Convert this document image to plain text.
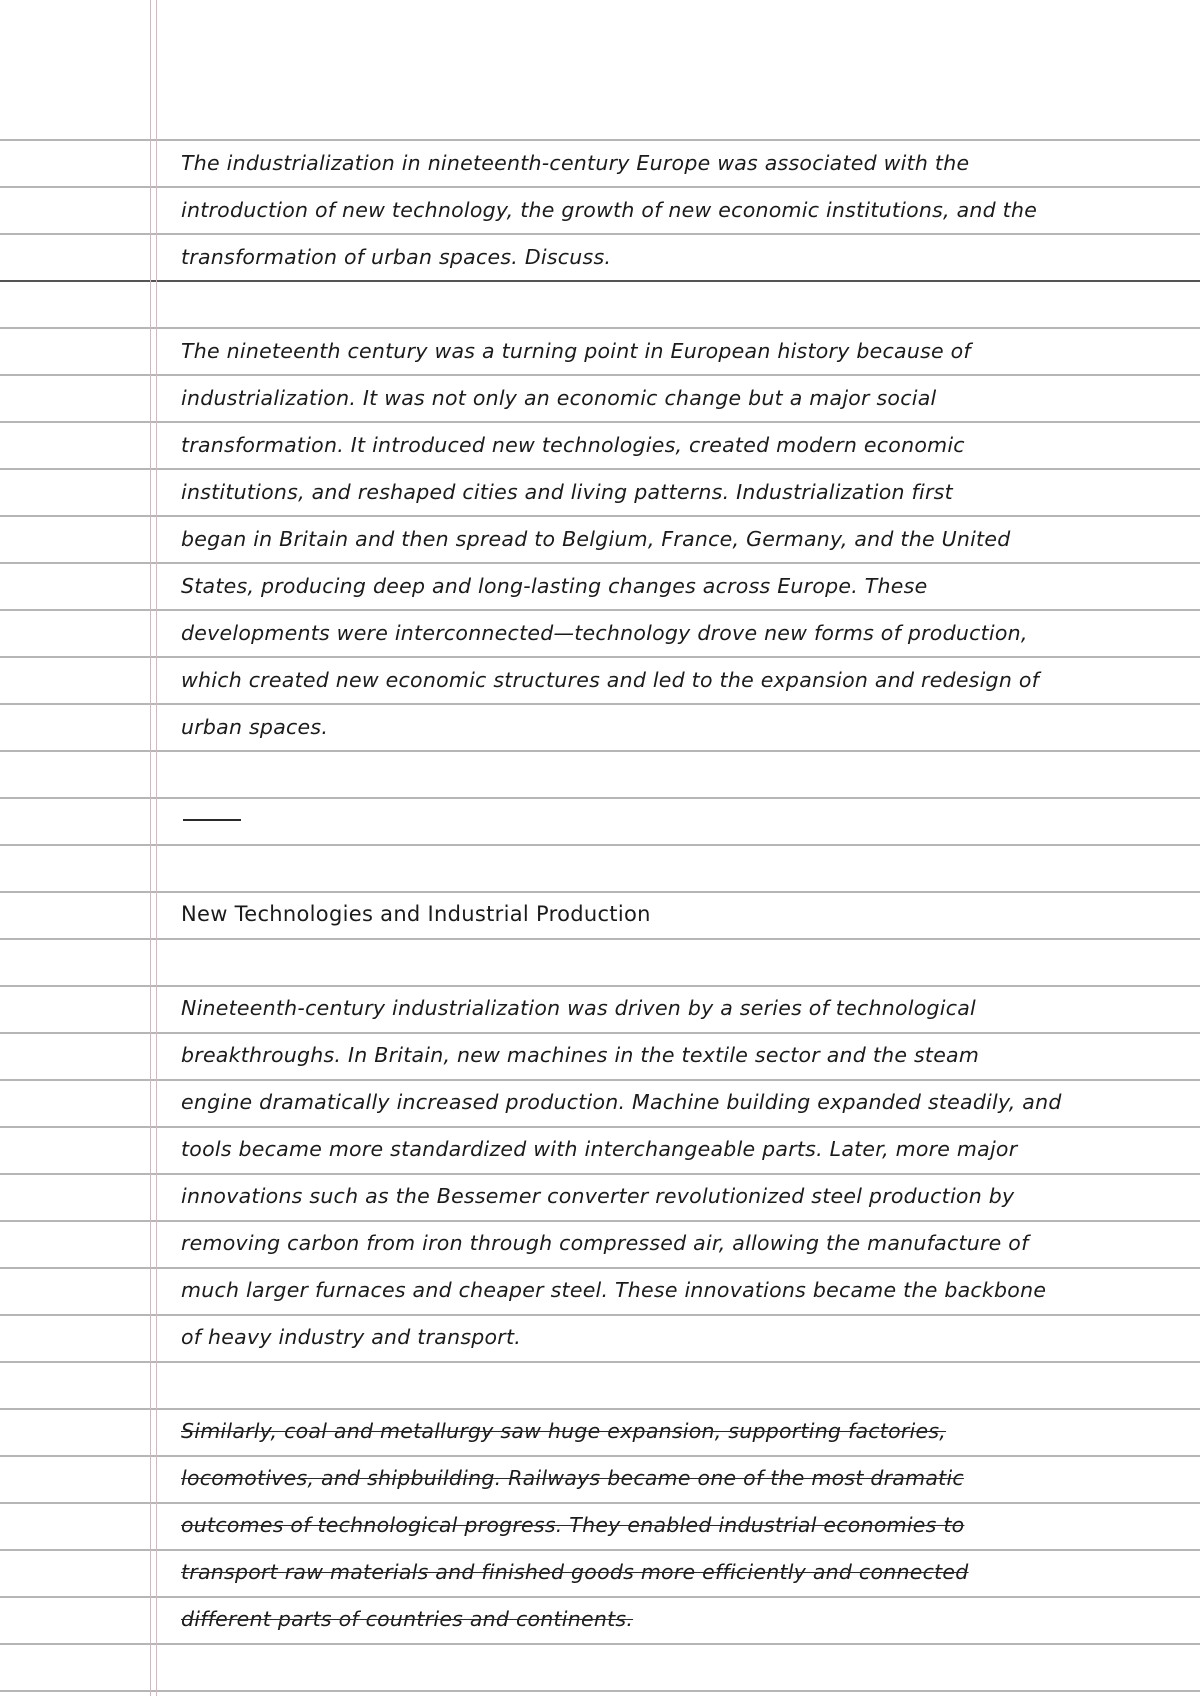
The industrialization in nineteenth-century Europe was associated with the
introduction of new technology, the growth of new economic institutions, and the
transformation of urban spaces. Discuss.
The nineteenth century was a turning point in European history because of
industrialization. It was not only an economic change but a major social
transformation. It introduced new technologies, created modern economic
institutions, and reshaped cities and living patterns. Industrialization first
began in Britain and then spread to Belgium, France, Germany, and the United
States, producing deep and long-lasting changes across Europe. These
developments were interconnected—technology drove new forms of production,
which created new economic structures and led to the expansion and redesign of
urban spaces.
New Technologies and Industrial Production
Nineteenth-century industrialization was driven by a series of technological
breakthroughs. In Britain, new machines in the textile sector and the steam
engine dramatically increased production. Machine building expanded steadily, and
tools became more standardized with interchangeable parts. Later, more major
innovations such as the Bessemer converter revolutionized steel production by
removing carbon from iron through compressed air, allowing the manufacture of
much larger furnaces and cheaper steel. These innovations became the backbone
of heavy industry and transport.
Similarly, coal and metallurgy saw huge expansion, supporting factories,
locomotives, and shipbuilding. Railways became one of the most dramatic
outcomes of technological progress. They enabled industrial economies to
transport raw materials and finished goods more efficiently and connected
different parts of countries and continents.
